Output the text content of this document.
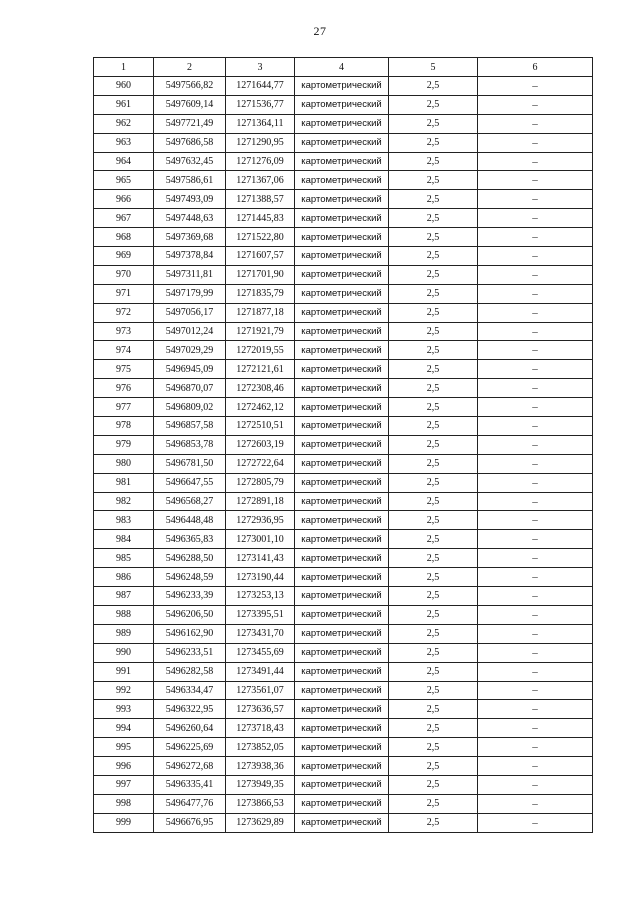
27
1	2	3	4	5	6
960	5497566,82	1271644,77	картометрический	2,5	–
961	5497609,14	1271536,77	картометрический	2,5	–
962	5497721,49	1271364,11	картометрический	2,5	–
963	5497686,58	1271290,95	картометрический	2,5	–
964	5497632,45	1271276,09	картометрический	2,5	–
965	5497586,61	1271367,06	картометрический	2,5	–
966	5497493,09	1271388,57	картометрический	2,5	–
967	5497448,63	1271445,83	картометрический	2,5	–
968	5497369,68	1271522,80	картометрический	2,5	–
969	5497378,84	1271607,57	картометрический	2,5	–
970	5497311,81	1271701,90	картометрический	2,5	–
971	5497179,99	1271835,79	картометрический	2,5	–
972	5497056,17	1271877,18	картометрический	2,5	–
973	5497012,24	1271921,79	картометрический	2,5	–
974	5497029,29	1272019,55	картометрический	2,5	–
975	5496945,09	1272121,61	картометрический	2,5	–
976	5496870,07	1272308,46	картометрический	2,5	–
977	5496809,02	1272462,12	картометрический	2,5	–
978	5496857,58	1272510,51	картометрический	2,5	–
979	5496853,78	1272603,19	картометрический	2,5	–
980	5496781,50	1272722,64	картометрический	2,5	–
981	5496647,55	1272805,79	картометрический	2,5	–
982	5496568,27	1272891,18	картометрический	2,5	–
983	5496448,48	1272936,95	картометрический	2,5	–
984	5496365,83	1273001,10	картометрический	2,5	–
985	5496288,50	1273141,43	картометрический	2,5	–
986	5496248,59	1273190,44	картометрический	2,5	–
987	5496233,39	1273253,13	картометрический	2,5	–
988	5496206,50	1273395,51	картометрический	2,5	–
989	5496162,90	1273431,70	картометрический	2,5	–
990	5496233,51	1273455,69	картометрический	2,5	–
991	5496282,58	1273491,44	картометрический	2,5	–
992	5496334,47	1273561,07	картометрический	2,5	–
993	5496322,95	1273636,57	картометрический	2,5	–
994	5496260,64	1273718,43	картометрический	2,5	–
995	5496225,69	1273852,05	картометрический	2,5	–
996	5496272,68	1273938,36	картометрический	2,5	–
997	5496335,41	1273949,35	картометрический	2,5	–
998	5496477,76	1273866,53	картометрический	2,5	–
999	5496676,95	1273629,89	картометрический	2,5	–
